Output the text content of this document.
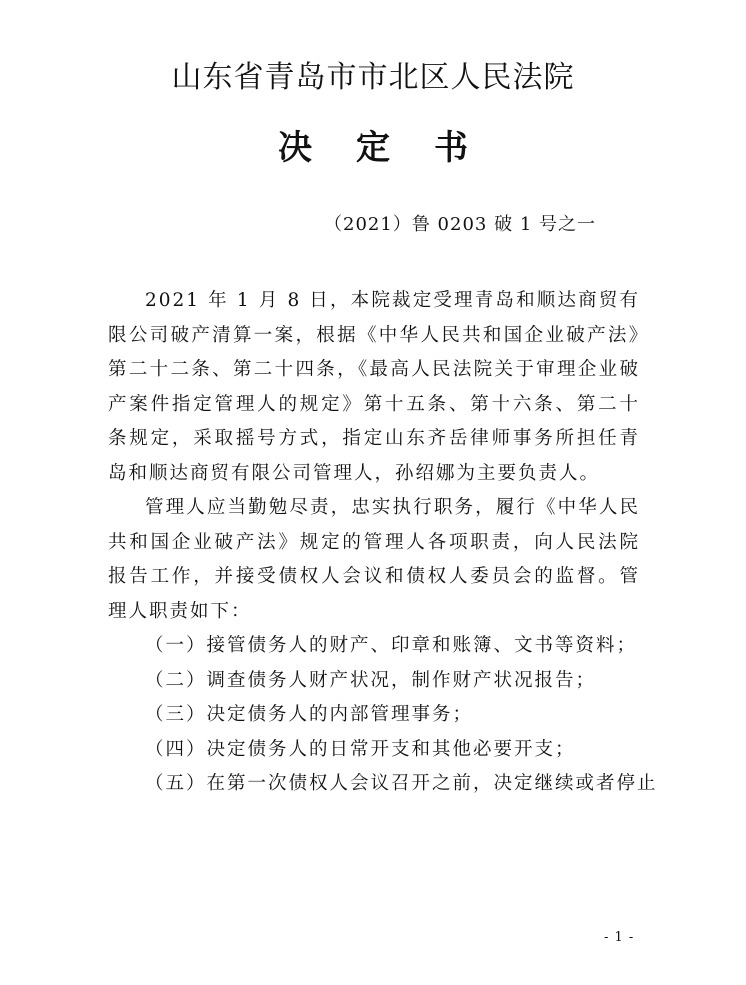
山东省青岛市市北区人民法院
决定书
（2021）鲁 0203 破 1 号之一

2021 年 1 月 8 日，本院裁定受理青岛和顺达商贸有限公司破产清算一案，根据《中华人民共和国企业破产法》第二十二条、第二十四条，《最高人民法院关于审理企业破产案件指定管理人的规定》第十五条、第十六条、第二十条规定，采取摇号方式，指定山东齐岳律师事务所担任青岛和顺达商贸有限公司管理人，孙绍娜为主要负责人。

管理人应当勤勉尽责，忠实执行职务，履行《中华人民共和国企业破产法》规定的管理人各项职责，向人民法院报告工作，并接受债权人会议和债权人委员会的监督。管理人职责如下：

（一）接管债务人的财产、印章和账簿、文书等资料；

（二）调查债务人财产状况，制作财产状况报告；

（三）决定债务人的内部管理事务；

（四）决定债务人的日常开支和其他必要开支；

（五）在第一次债权人会议召开之前，决定继续或者停止

- 1 -
